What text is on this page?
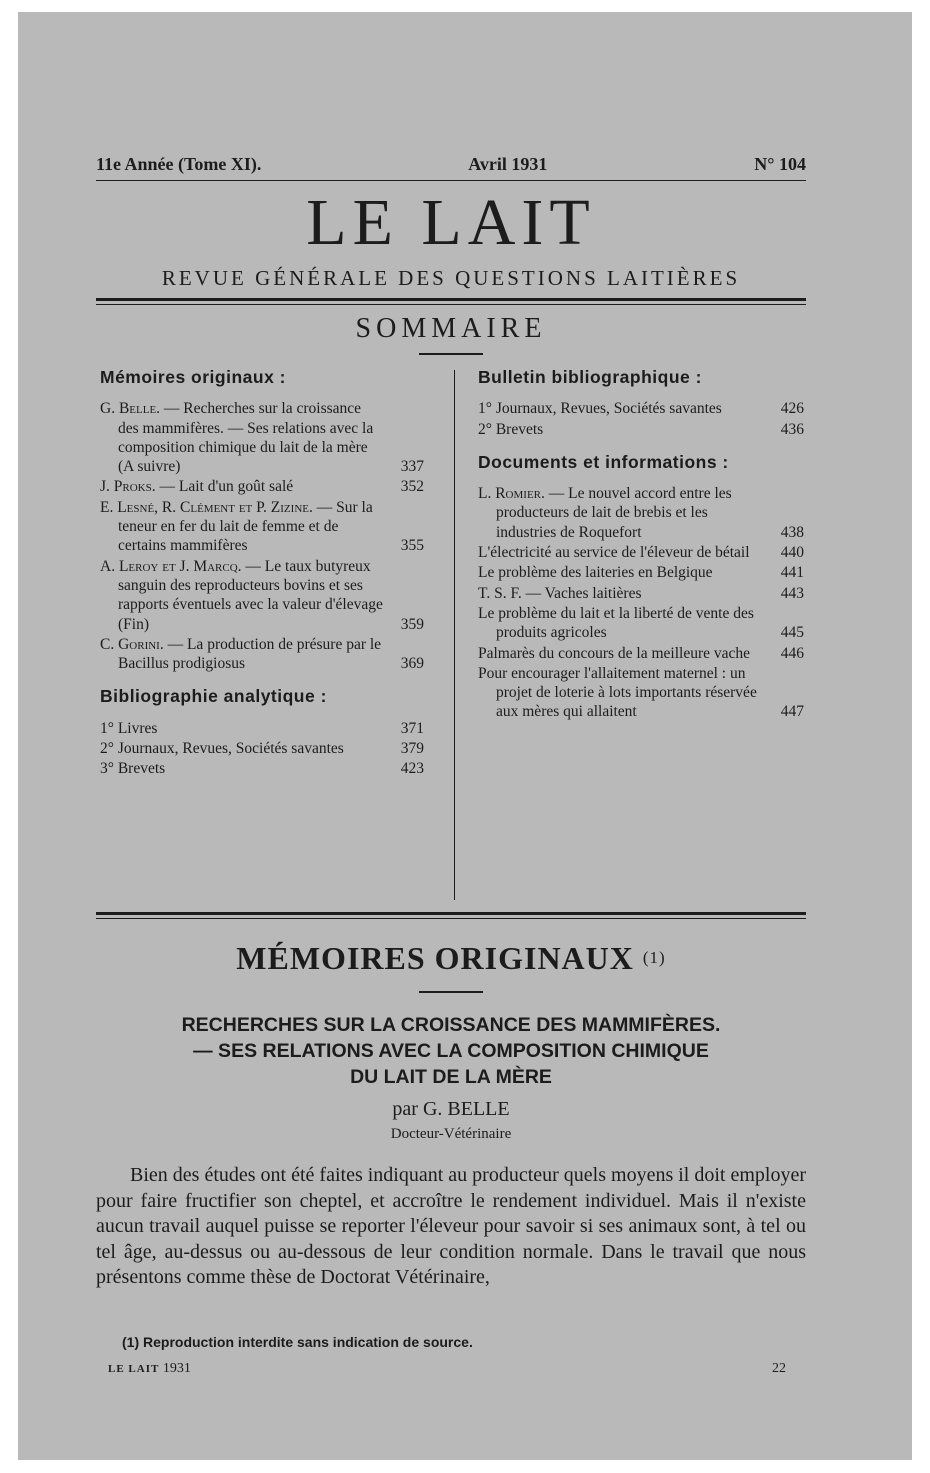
11e Année (Tome XI).	Avril 1931	N° 104
LE LAIT
REVUE GÉNÉRALE DES QUESTIONS LAITIÈRES
SOMMAIRE
Mémoires originaux :
G. Belle. — Recherches sur la croissance des mammifères. — Ses relations avec la composition chimique du lait de la mère (A suivre)	337
J. Proks. — Lait d'un goût salé	352
E. Lesné, R. Clément et P. Zizine. — Sur la teneur en fer du lait de femme et de certains mammifères	355
A. Leroy et J. Marcq. — Le taux butyreux sanguin des reproducteurs bovins et ses rapports éventuels avec la valeur d'élevage (Fin)	359
C. Gorini. — La production de présure par le Bacillus prodigiosus	369
Bibliographie analytique :
1° Livres	371
2° Journaux, Revues, Sociétés savantes	379
3° Brevets	423
Bulletin bibliographique :
1° Journaux, Revues, Sociétés savantes	426
2° Brevets	436
Documents et informations :
L. Romier. — Le nouvel accord entre les producteurs de lait de brebis et les industries de Roquefort	438
L'électricité au service de l'éleveur de bétail	440
Le problème des laiteries en Belgique	441
T. S. F. — Vaches laitières	443
Le problème du lait et la liberté de vente des produits agricoles	445
Palmarès du concours de la meilleure vache	446
Pour encourager l'allaitement maternel : un projet de loterie à lots importants réservée aux mères qui allaitent	447
MÉMOIRES ORIGINAUX $^{(1)}$
RECHERCHES SUR LA CROISSANCE DES MAMMIFÈRES.
— SES RELATIONS AVEC LA COMPOSITION CHIMIQUE
DU LAIT DE LA MÈRE
par G. BELLE
Docteur-Vétérinaire

Bien des études ont été faites indiquant au producteur quels moyens il doit employer pour faire fructifier son cheptel, et accroître le rendement individuel. Mais il n'existe aucun travail auquel puisse se reporter l'éleveur pour savoir si ses animaux sont, à tel ou tel âge, au-dessus ou au-dessous de leur condition normale. Dans le travail que nous présentons comme thèse de Doctorat Vétérinaire,

(1) Reproduction interdite sans indication de source.
LE LAIT 1931	22
